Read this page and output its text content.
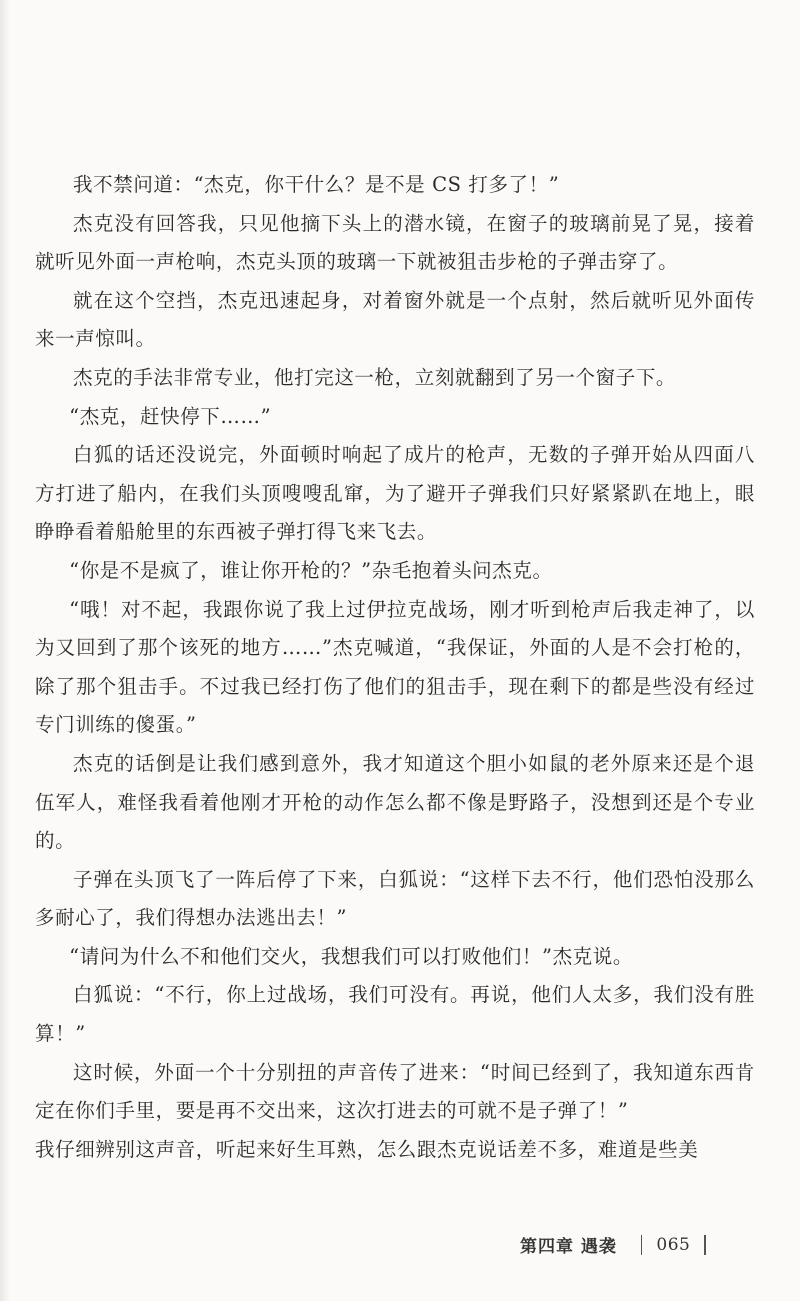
我不禁问道：“杰克，你干什么？是不是 CS 打多了！”

杰克没有回答我，只见他摘下头上的潜水镜，在窗子的玻璃前晃了晃，接着就听见外面一声枪响，杰克头顶的玻璃一下就被狙击步枪的子弹击穿了。

就在这个空挡，杰克迅速起身，对着窗外就是一个点射，然后就听见外面传来一声惊叫。

杰克的手法非常专业，他打完这一枪，立刻就翻到了另一个窗子下。

“杰克，赶快停下……”

白狐的话还没说完，外面顿时响起了成片的枪声，无数的子弹开始从四面八方打进了船内，在我们头顶嗖嗖乱窜，为了避开子弹我们只好紧紧趴在地上，眼睁睁看着船舱里的东西被子弹打得飞来飞去。

“你是不是疯了，谁让你开枪的？”杂毛抱着头问杰克。

“哦！对不起，我跟你说了我上过伊拉克战场，刚才听到枪声后我走神了，以为又回到了那个该死的地方……”杰克喊道，“我保证，外面的人是不会打枪的，除了那个狙击手。不过我已经打伤了他们的狙击手，现在剩下的都是些没有经过专门训练的傻蛋。”

杰克的话倒是让我们感到意外，我才知道这个胆小如鼠的老外原来还是个退伍军人，难怪我看着他刚才开枪的动作怎么都不像是野路子，没想到还是个专业的。

子弹在头顶飞了一阵后停了下来，白狐说：“这样下去不行，他们恐怕没那么多耐心了，我们得想办法逃出去！”

“请问为什么不和他们交火，我想我们可以打败他们！”杰克说。

白狐说：“不行，你上过战场，我们可没有。再说，他们人太多，我们没有胜算！”

这时候，外面一个十分别扭的声音传了进来：“时间已经到了，我知道东西肯定在你们手里，要是再不交出来，这次打进去的可就不是子弹了！”

我仔细辨别这声音，听起来好生耳熟，怎么跟杰克说话差不多，难道是些美

第四章 遇袭 065
